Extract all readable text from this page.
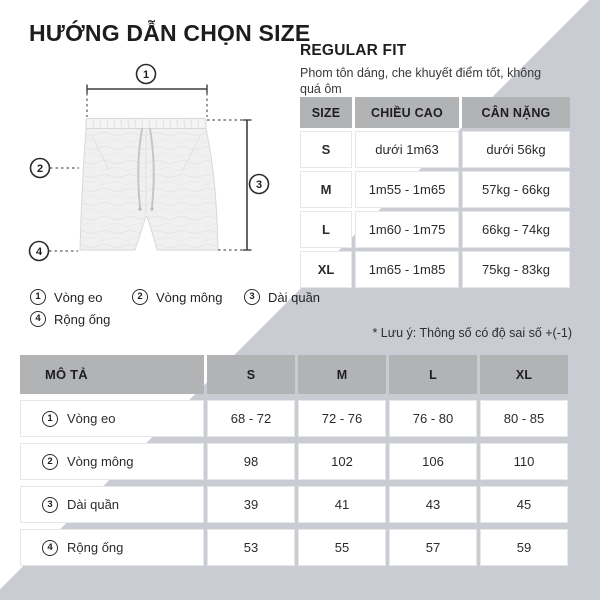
HƯỚNG DẪN CHỌN SIZE
1
2
3
4
REGULAR FIT
Phom tôn dáng, che khuyết điểm tốt, không quá ôm
SIZE	CHIỀU CAO	CÂN NẶNG
S	dưới 1m63	dưới 56kg
M	1m55 - 1m65	57kg - 66kg
L	1m60 - 1m75	66kg - 74kg
XL	1m65 - 1m85	75kg - 83kg
* Lưu ý: Thông số có độ sai số +(-1)
MÔ TẢ	S	M	L	XL
1	Vòng eo	68 - 72	72 - 76	76 - 80	80 - 85
2	Vòng mông	98	102	106	110
3	Dài quần	39	41	43	45
4	Rộng ống	53	55	57	59
1	Vòng eo	2	Vòng mông	3	Dài quần
4	Rộng ống
